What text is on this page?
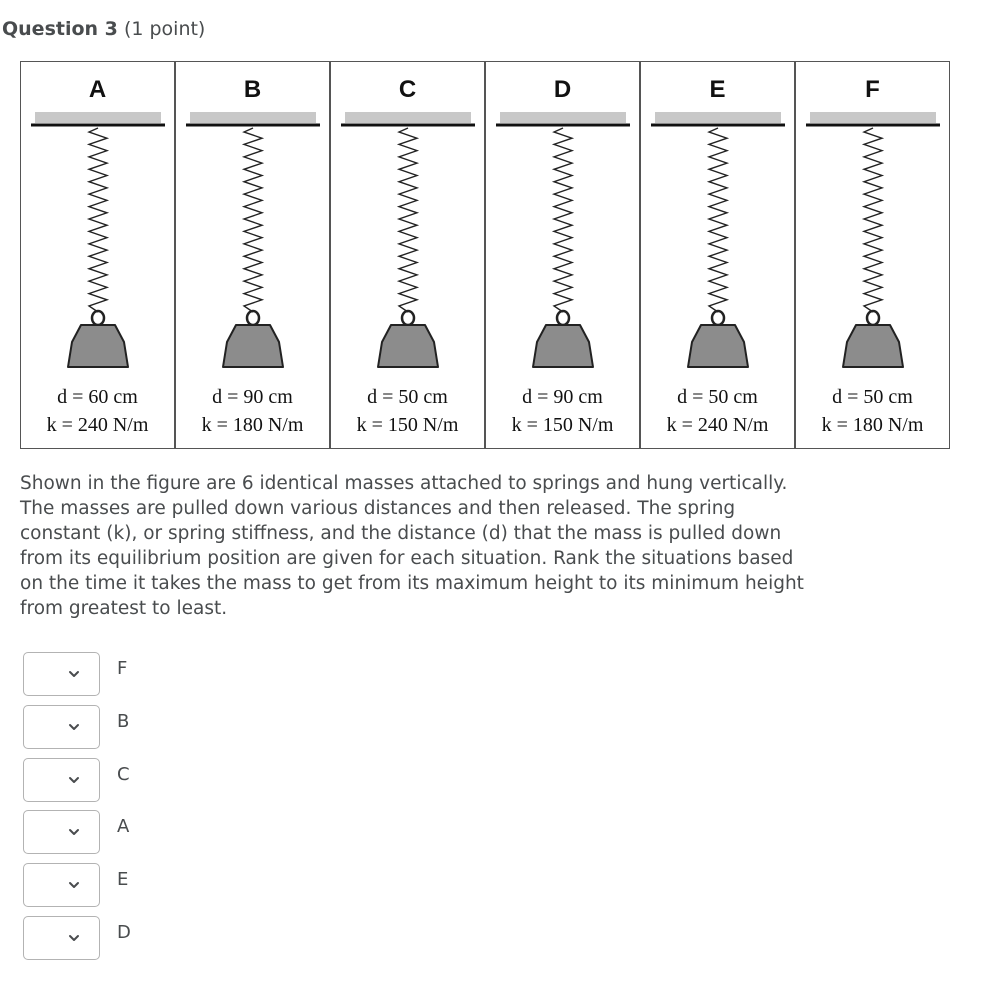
Question 3 (1 point)
A
d = 60 cm
k = 240 N/m
B
d = 90 cm
k = 180 N/m
C
d = 50 cm
k = 150 N/m
D
d = 90 cm
k = 150 N/m
E
d = 50 cm
k = 240 N/m
F
d = 50 cm
k = 180 N/m
Shown in the figure are 6 identical masses attached to springs and hung vertically. The masses are pulled down various distances and then released. The spring constant (k), or spring stiffness, and the distance (d) that the mass is pulled down from its equilibrium position are given for each situation. Rank the situations based on the time it takes the mass to get from its maximum height to its minimum height from greatest to least.
F
B
C
A
E
D
